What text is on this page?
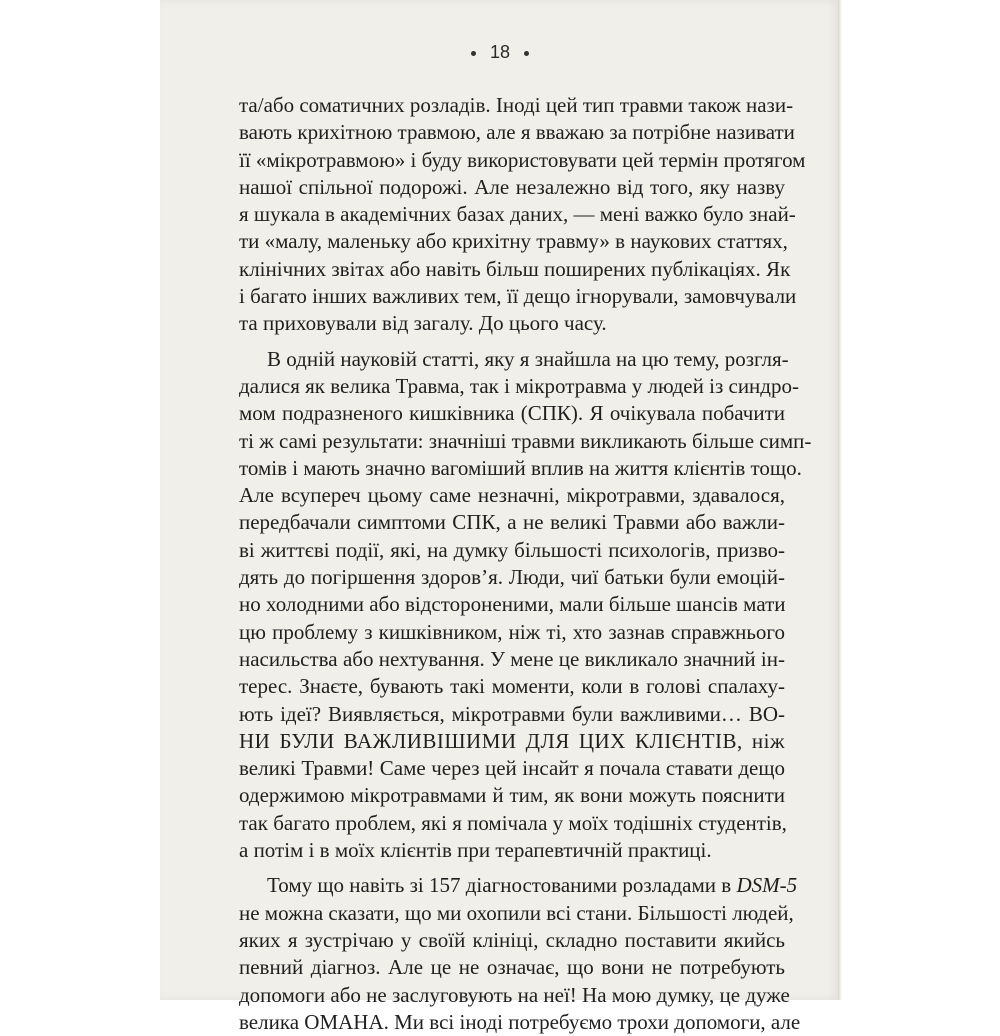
18
та/або соматичних розладів. Іноді цей тип травми також нази-
вають крихітною травмою, але я вважаю за потрібне називати
її «мікротравмою» і буду використовувати цей термін протягом
нашої спільної подорожі. Але незалежно від того, яку назву
я шукала в академічних базах даних, — мені важко було знай-
ти «малу, маленьку або крихітну травму» в наукових статтях,
клінічних звітах або навіть більш поширених публікаціях. Як
і багато інших важливих тем, її дещо ігнорували, замовчували
та приховували від загалу. До цього часу.
В одній науковій статті, яку я знайшла на цю тему, розгля-
далися як велика Травма, так і мікротравма у людей із синдро-
мом подразненого кишківника (СПК). Я очікувала побачити
ті ж самі результати: значніші травми викликають більше симп-
томів і мають значно вагоміший вплив на життя клієнтів тощо.
Але всупереч цьому саме незначні, мікротравми, здавалося,
передбачали симптоми СПК, а не великі Травми або важли-
ві життєві події, які, на думку більшості психологів, призво-
дять до погіршення здоров’я. Люди, чиї батьки були емоцій-
но холодними або відстороненими, мали більше шансів мати
цю проблему з кишківником, ніж ті, хто зазнав справжнього
насильства або нехтування. У мене це викликало значний ін-
терес. Знаєте, бувають такі моменти, коли в голові спалаху-
ють ідеї? Виявляється, мікротравми були важливими… ВО-
НИ БУЛИ ВАЖЛИВІШИМИ ДЛЯ ЦИХ КЛІЄНТІВ, ніж
великі Травми! Саме через цей інсайт я почала ставати дещо
одержимою мікротравмами й тим, як вони можуть пояснити
так багато проблем, які я помічала у моїх тодішніх студентів,
а потім і в моїх клієнтів при терапевтичній практиці.
Тому що навіть зі 157 діагностованими розладами в DSM-5
не можна сказати, що ми охопили всі стани. Більшості людей,
яких я зустрічаю у своїй клініці, складно поставити якийсь
певний діагноз. Але це не означає, що вони не потребують
допомоги або не заслуговують на неї! На мою думку, це дуже
велика ОМАНА. Ми всі іноді потребуємо трохи допомоги, але
